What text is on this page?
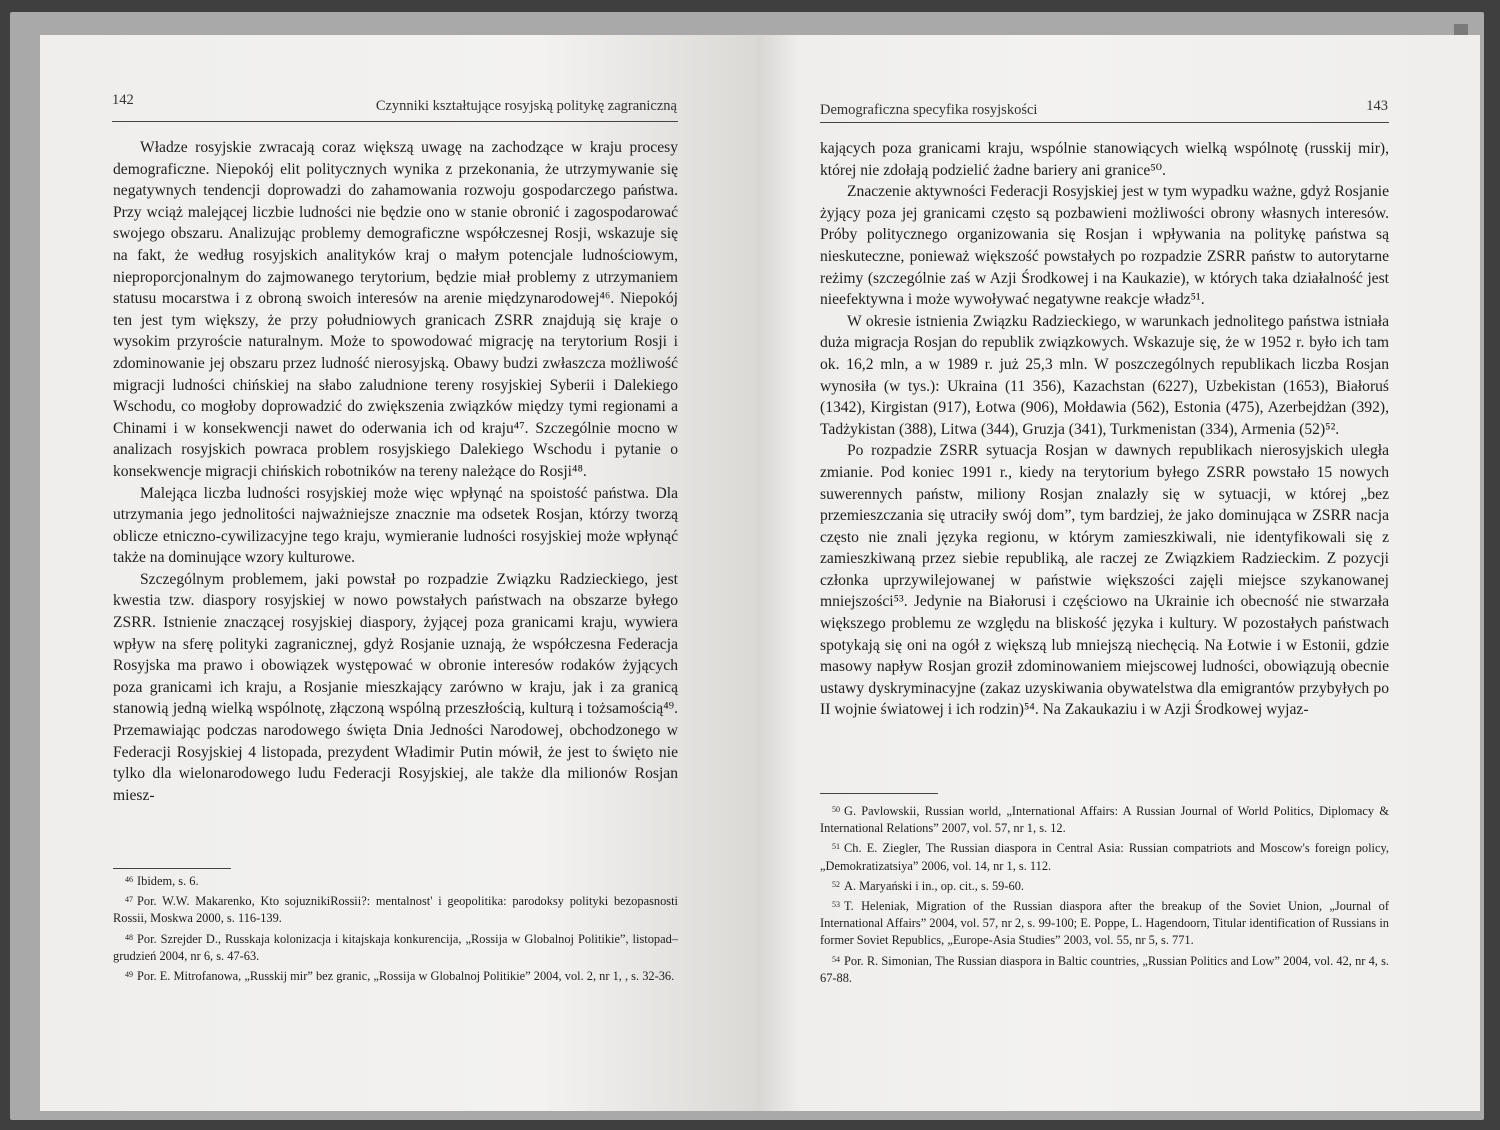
142	Czynniki kształtujące rosyjską politykę zagraniczną

Władze rosyjskie zwracają coraz większą uwagę na zachodzące w kraju procesy demograficzne. Niepokój elit politycznych wynika z przekonania, że utrzymywanie się negatywnych tendencji doprowadzi do zahamowania rozwoju gospodarczego państwa. Przy wciąż malejącej liczbie ludności nie będzie ono w stanie obronić i zagospodarować swojego obszaru. Analizując problemy demograficzne współczesnej Rosji, wskazuje się na fakt, że według rosyjskich analityków kraj o małym potencjale ludnościowym, nieproporcjonalnym do zajmowanego terytorium, będzie miał problemy z utrzymaniem statusu mocarstwa i z obroną swoich interesów na arenie międzynarodowej⁴⁶. Niepokój ten jest tym większy, że przy południowych granicach ZSRR znajdują się kraje o wysokim przyroście naturalnym. Może to spowodować migrację na terytorium Rosji i zdominowanie jej obszaru przez ludność nierosyjską. Obawy budzi zwłaszcza możliwość migracji ludności chińskiej na słabo zaludnione tereny rosyjskiej Syberii i Dalekiego Wschodu, co mogłoby doprowadzić do zwiększenia związków między tymi regionami a Chinami i w konsekwencji nawet do oderwania ich od kraju⁴⁷. Szczególnie mocno w analizach rosyjskich powraca problem rosyjskiego Dalekiego Wschodu i pytanie o konsekwencje migracji chińskich robotników na tereny należące do Rosji⁴⁸.

Malejąca liczba ludności rosyjskiej może więc wpłynąć na spoistość państwa. Dla utrzymania jego jednolitości najważniejsze znacznie ma odsetek Rosjan, którzy tworzą oblicze etniczno-cywilizacyjne tego kraju, wymieranie ludności rosyjskiej może wpłynąć także na dominujące wzory kulturowe.

Szczególnym problemem, jaki powstał po rozpadzie Związku Radzieckiego, jest kwestia tzw. diaspory rosyjskiej w nowo powstałych państwach na obszarze byłego ZSRR. Istnienie znaczącej rosyjskiej diaspory, żyjącej poza granicami kraju, wywiera wpływ na sferę polityki zagranicznej, gdyż Rosjanie uznają, że współczesna Federacja Rosyjska ma prawo i obowiązek występować w obronie interesów rodaków żyjących poza granicami ich kraju, a Rosjanie mieszkający zarówno w kraju, jak i za granicą stanowią jedną wielką wspólnotę, złączoną wspólną przeszłością, kulturą i tożsamością⁴⁹. Przemawiając podczas narodowego święta Dnia Jedności Narodowej, obchodzonego w Federacji Rosyjskiej 4 listopada, prezydent Władimir Putin mówił, że jest to święto nie tylko dla wielonarodowego ludu Federacji Rosyjskiej, ale także dla milionów Rosjan miesz-

$^{46}$ Ibidem, s. 6.

$^{47}$ Por. W.W. Makarenko, Kto sojuznikiRossii?: mentalnost' i geopolitika: parodoksy polityki bezopasnosti Rossii, Moskwa 2000, s. 116-139.

$^{48}$ Por. Szrejder D., Russkaja kolonizacja i kitajskaja konkurencija, „Rossija w Globalnoj Politikie”, listopad–grudzień 2004, nr 6, s. 47-63.

$^{49}$ Por. E. Mitrofanowa, „Russkij mir” bez granic, „Rossija w Globalnoj Politikie” 2004, vol. 2, nr 1, , s. 32-36.

Demograficzna specyfika rosyjskości	143

kających poza granicami kraju, wspólnie stanowiących wielką wspólnotę (russkij mir), której nie zdołają podzielić żadne bariery ani granice⁵⁰.

Znaczenie aktywności Federacji Rosyjskiej jest w tym wypadku ważne, gdyż Rosjanie żyjący poza jej granicami często są pozbawieni możliwości obrony własnych interesów. Próby politycznego organizowania się Rosjan i wpływania na politykę państwa są nieskuteczne, ponieważ większość powstałych po rozpadzie ZSRR państw to autorytarne reżimy (szczególnie zaś w Azji Środkowej i na Kaukazie), w których taka działalność jest nieefektywna i może wywoływać negatywne reakcje władz⁵¹.

W okresie istnienia Związku Radzieckiego, w warunkach jednolitego państwa istniała duża migracja Rosjan do republik związkowych. Wskazuje się, że w 1952 r. było ich tam ok. 16,2 mln, a w 1989 r. już 25,3 mln. W poszczególnych republikach liczba Rosjan wynosiła (w tys.): Ukraina (11 356), Kazachstan (6227), Uzbekistan (1653), Białoruś (1342), Kirgistan (917), Łotwa (906), Mołdawia (562), Estonia (475), Azerbejdżan (392), Tadżykistan (388), Litwa (344), Gruzja (341), Turkmenistan (334), Armenia (52)⁵².

Po rozpadzie ZSRR sytuacja Rosjan w dawnych republikach nierosyjskich uległa zmianie. Pod koniec 1991 r., kiedy na terytorium byłego ZSRR powstało 15 nowych suwerennych państw, miliony Rosjan znalazły się w sytuacji, w której „bez przemieszczania się utraciły swój dom”, tym bardziej, że jako dominująca w ZSRR nacja często nie znali języka regionu, w którym zamieszkiwali, nie identyfikowali się z zamieszkiwaną przez siebie republiką, ale raczej ze Związkiem Radzieckim. Z pozycji członka uprzywilejowanej w państwie większości zajęli miejsce szykanowanej mniejszości⁵³. Jedynie na Białorusi i częściowo na Ukrainie ich obecność nie stwarzała większego problemu ze względu na bliskość języka i kultury. W pozostałych państwach spotykają się oni na ogół z większą lub mniejszą niechęcią. Na Łotwie i w Estonii, gdzie masowy napływ Rosjan groził zdominowaniem miejscowej ludności, obowiązują obecnie ustawy dyskryminacyjne (zakaz uzyskiwania obywatelstwa dla emigrantów przybyłych po II wojnie światowej i ich rodzin)⁵⁴. Na Zakaukaziu i w Azji Środkowej wyjaz-

$^{50}$ G. Pavlowskii, Russian world, „International Affairs: A Russian Journal of World Politics, Diplomacy & International Relations” 2007, vol. 57, nr 1, s. 12.

$^{51}$ Ch. E. Ziegler, The Russian diaspora in Central Asia: Russian compatriots and Moscow's foreign policy, „Demokratizatsiya” 2006, vol. 14, nr 1, s. 112.

$^{52}$ A. Maryański i in., op. cit., s. 59-60.

$^{53}$ T. Heleniak, Migration of the Russian diaspora after the breakup of the Soviet Union, „Journal of International Affairs” 2004, vol. 57, nr 2, s. 99-100; E. Poppe, L. Hagendoorn, Titular identification of Russians in former Soviet Republics, „Europe-Asia Studies” 2003, vol. 55, nr 5, s. 771.

$^{54}$ Por. R. Simonian, The Russian diaspora in Baltic countries, „Russian Politics and Low” 2004, vol. 42, nr 4, s. 67-88.
